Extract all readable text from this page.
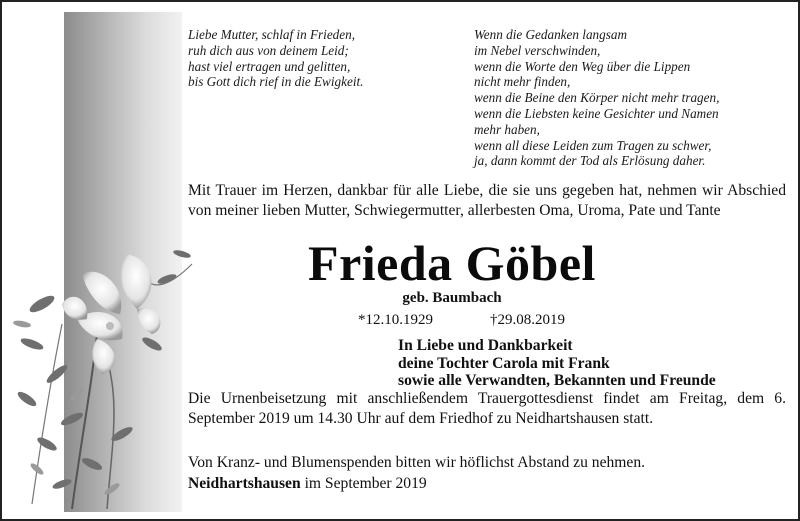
Liebe Mutter, schlaf in Frieden,
ruh dich aus von deinem Leid;
hast viel ertragen und gelitten,
bis Gott dich rief in die Ewigkeit.
Wenn die Gedanken langsam
im Nebel verschwinden,
wenn die Worte den Weg über die Lippen
nicht mehr finden,
wenn die Beine den Körper nicht mehr tragen,
wenn die Liebsten keine Gesichter und Namen
mehr haben,
wenn all diese Leiden zum Tragen zu schwer,
ja, dann kommt der Tod als Erlösung daher.

Mit Trauer im Herzen, dankbar für alle Liebe, die sie uns gegeben hat, nehmen wir Abschied von meiner lieben Mutter, Schwiegermutter, allerbesten Oma, Uroma, Pate und Tante

Frieda Göbel
geb. Baumbach
*12.10.1929	†29.08.2019
In Liebe und Dankbarkeit
deine Tochter Carola mit Frank
sowie alle Verwandten, Bekannten und Freunde

Die Urnenbeisetzung mit anschließendem Trauergottesdienst findet am Freitag, dem 6. September 2019 um 14.30 Uhr auf dem Friedhof zu Neidhartshausen statt.

Von Kranz- und Blumenspenden bitten wir höflichst Abstand zu nehmen.

Neidhartshausen im September 2019
